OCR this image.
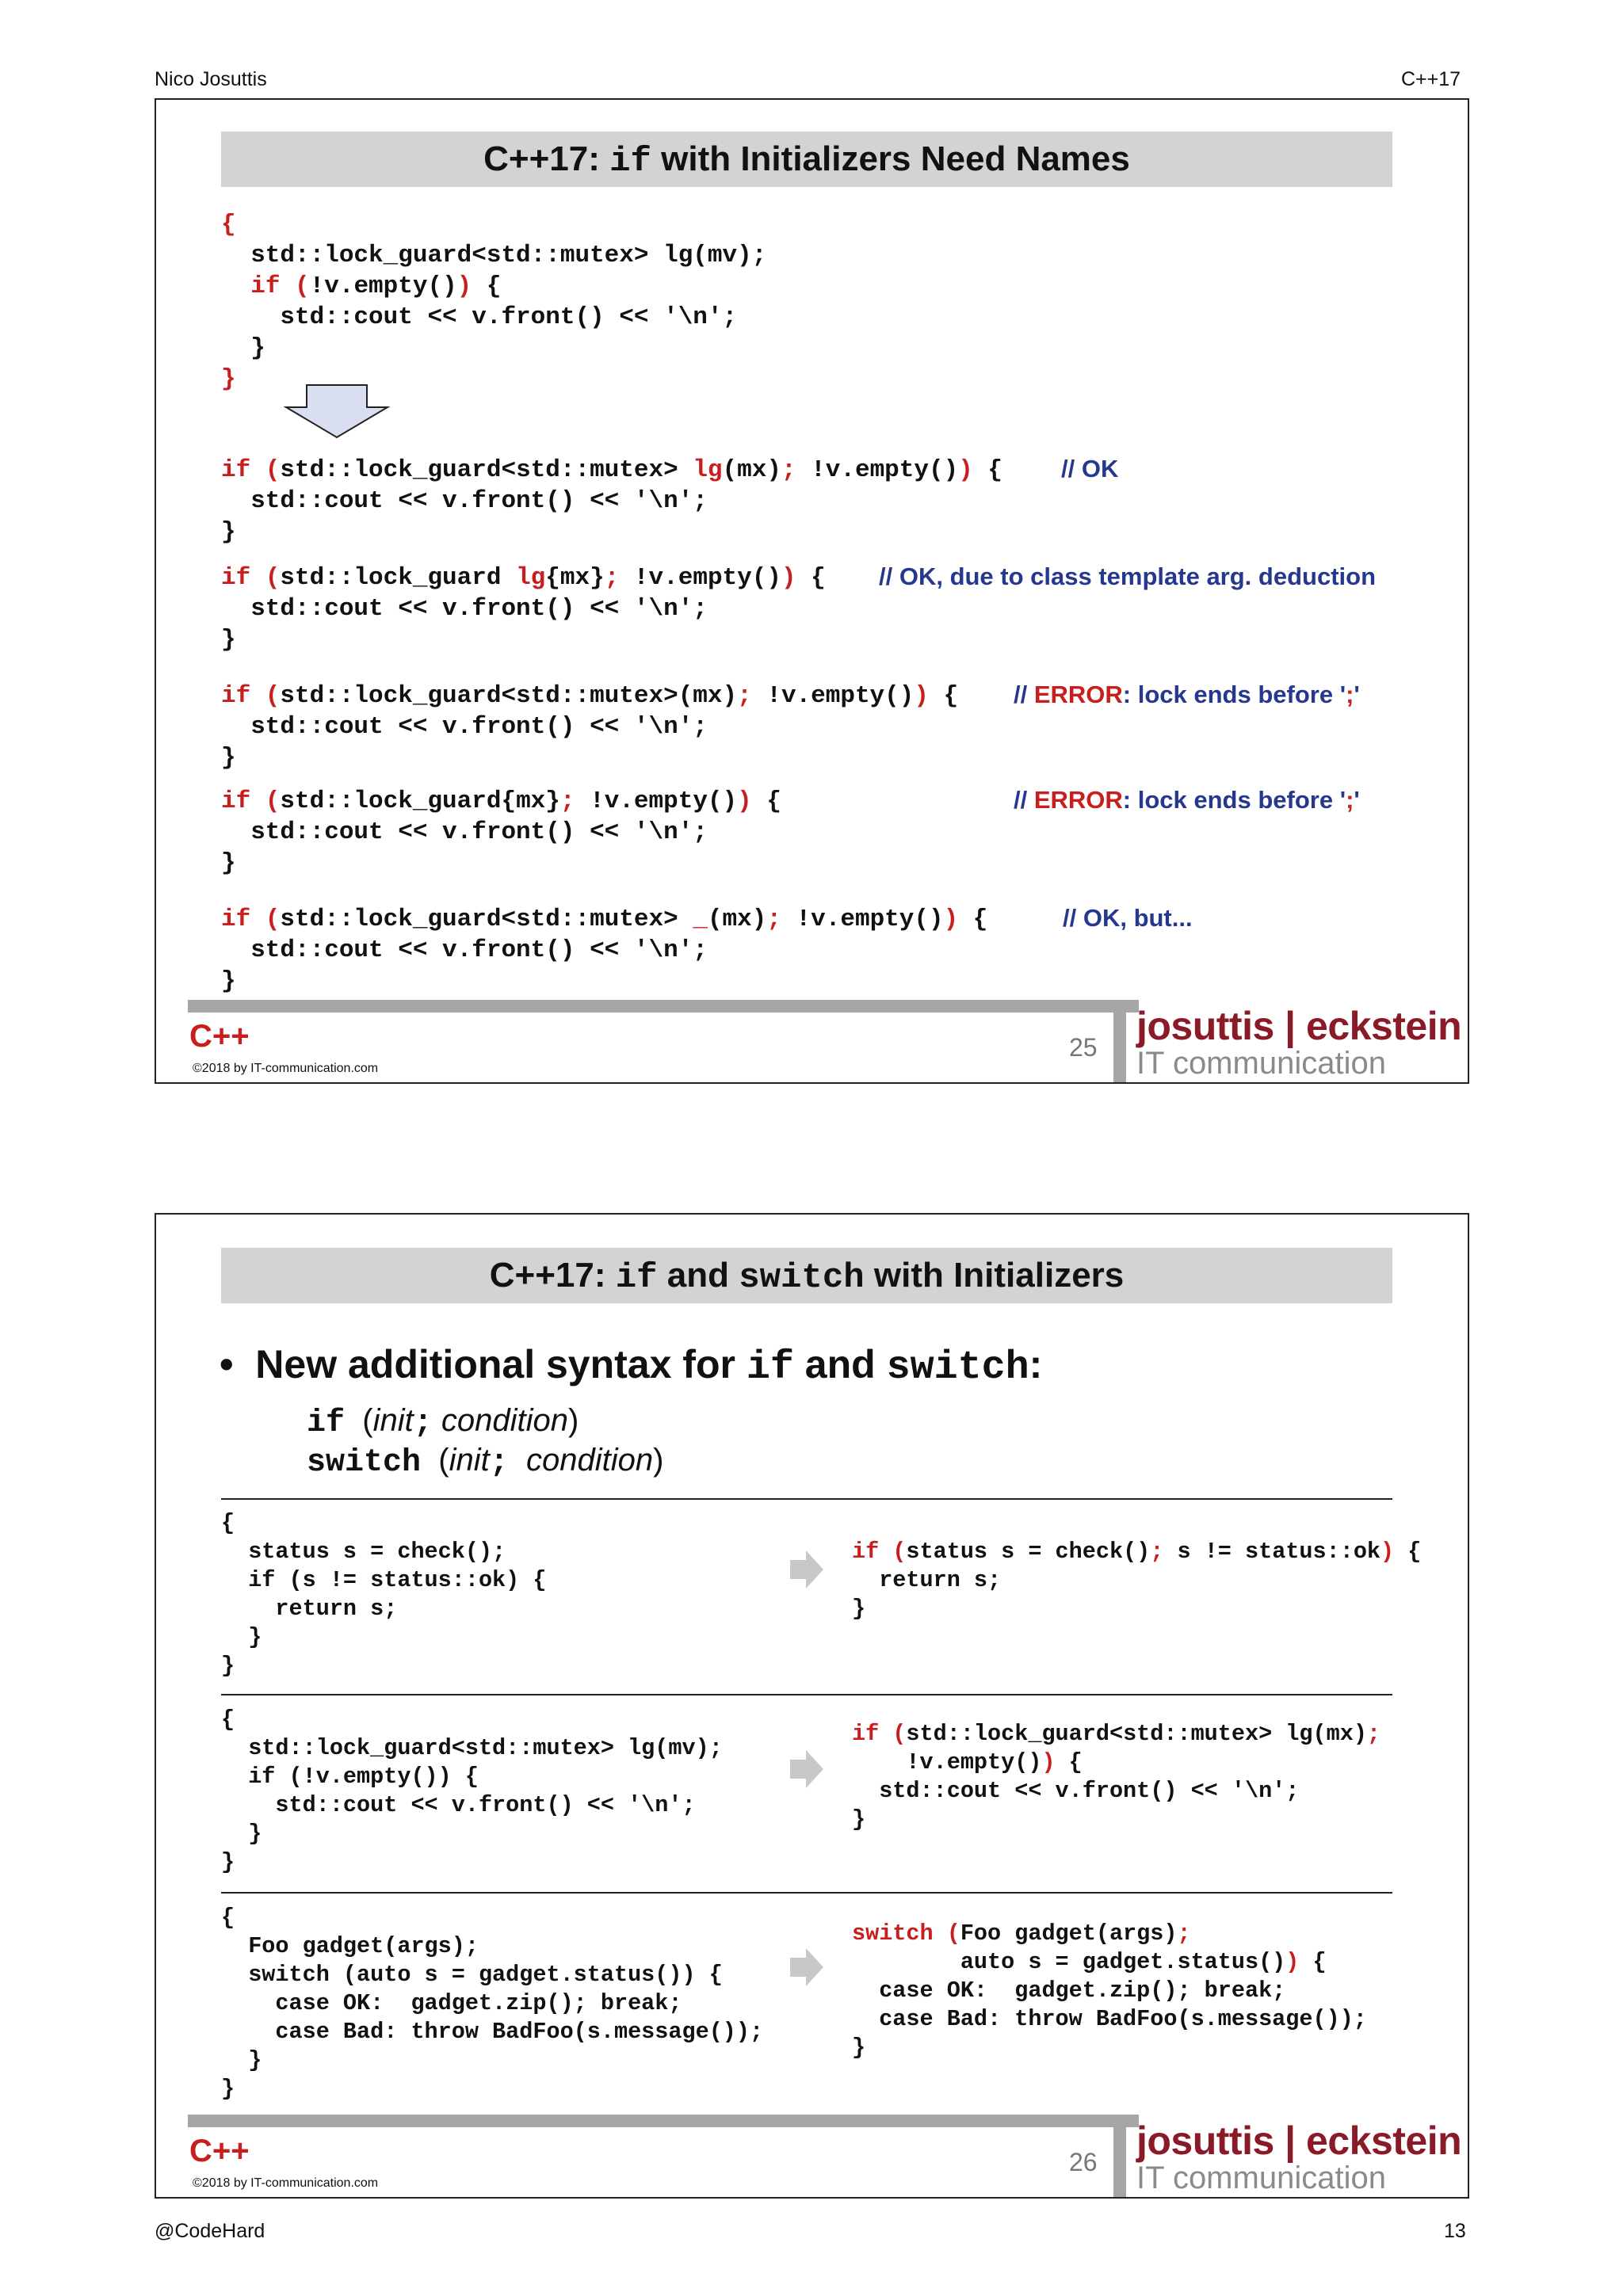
Nico Josuttis	C++17
C++17: if with Initializers Need Names
{
std::lock_guard<std::mutex> lg(mv);
if (!v.empty()) {
std::cout << v.front() << '\n';
}
}
if (std::lock_guard<std::mutex> lg(mx); !v.empty()) {
std::cout << v.front() << '\n';
}
// OK
if (std::lock_guard lg{mx}; !v.empty()) {
std::cout << v.front() << '\n';
}
// OK, due to class template arg. deduction
if (std::lock_guard<std::mutex>(mx); !v.empty()) {
std::cout << v.front() << '\n';
}
// ERROR: lock ends before ';'
if (std::lock_guard{mx}; !v.empty()) {
std::cout << v.front() << '\n';
}
// ERROR: lock ends before ';'
if (std::lock_guard<std::mutex> _(mx); !v.empty()) {
std::cout << v.front() << '\n';
}
// OK, but...
C++
©2018 by IT-communication.com
25 josuttis | eckstein
IT communication
C++17: if and switch with Initializers
•  New additional syntax for if and switch:
if  (init; condition)
switch  (init; condition)
{
status s = check();
if (s != status::ok) {
return s;
}
}
if (status s = check(); s != status::ok) {
return s;
}
{
std::lock_guard<std::mutex> lg(mv);
if (!v.empty()) {
std::cout << v.front() << '\n';
}
}
if (std::lock_guard<std::mutex> lg(mx);
!v.empty()) {
std::cout << v.front() << '\n';
}
{
Foo gadget(args);
switch (auto s = gadget.status()) {
case OK:  gadget.zip(); break;
case Bad: throw BadFoo(s.message());
}
}
switch (Foo gadget(args);
auto s = gadget.status()) {
case OK:  gadget.zip(); break;
case Bad: throw BadFoo(s.message());
}
C++
©2018 by IT-communication.com
26 josuttis | eckstein
IT communication
@CodeHard	13
